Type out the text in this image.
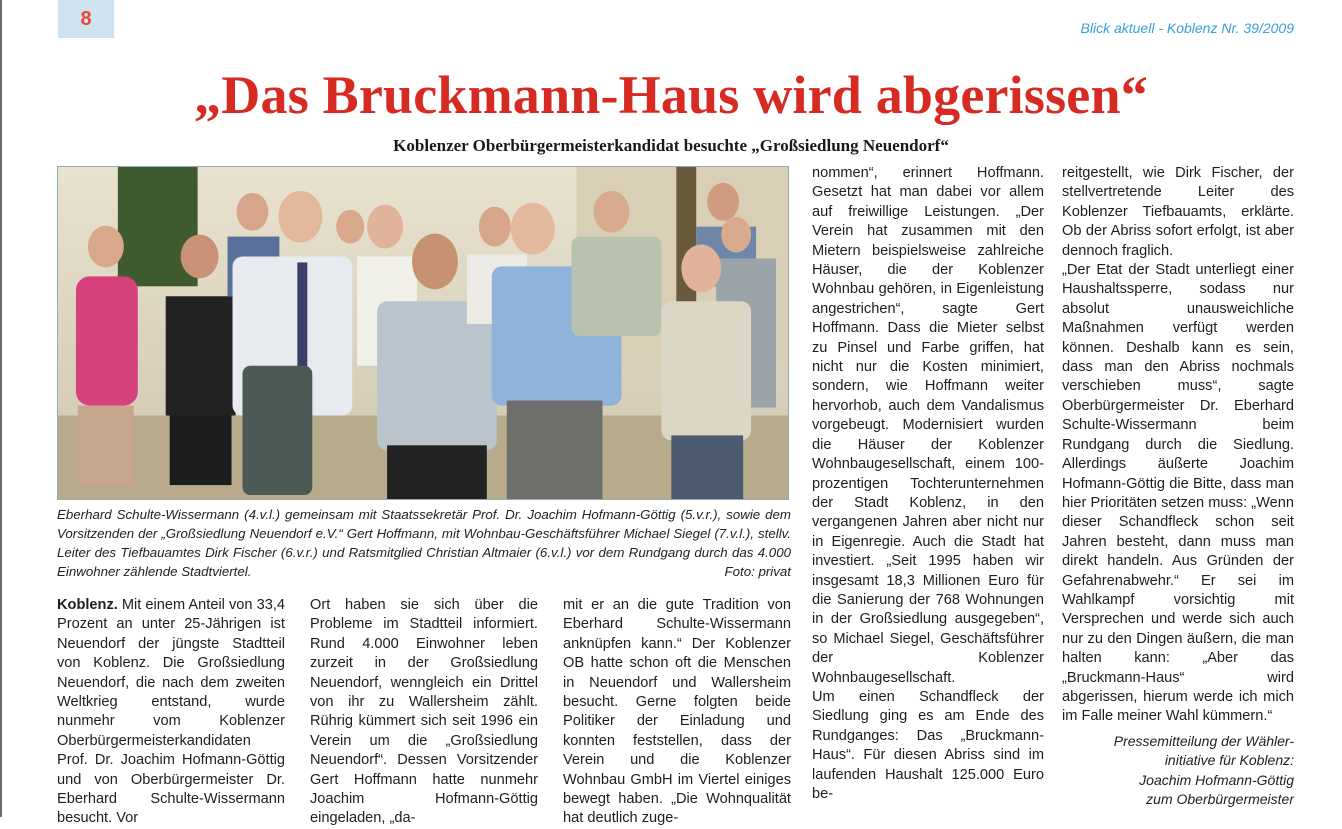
8	Blick aktuell - Koblenz Nr. 39/2009
„Das Bruckmann-Haus wird abgerissen“
Koblenzer Oberbürgermeisterkandidat besuchte „Großsiedlung Neuendorf“
Eberhard Schulte-Wissermann (4.v.l.) gemeinsam mit Staatssekretär Prof. Dr. Joachim Hofmann-Göttig (5.v.r.), sowie dem Vorsitzenden der „Großsiedlung Neuendorf e.V.“ Gert Hoffmann, mit Wohnbau-Geschäftsführer Michael Siegel (7.v.l.), stellv. Leiter des Tiefbauamtes Dirk Fischer (6.v.r.) und Ratsmitglied Christian Altmaier (6.v.l.) vor dem Rundgang durch das 4.000 Einwohner zählende Stadtviertel.	Foto: privat

Koblenz. Mit einem Anteil von 33,4 Prozent an unter 25-Jährigen ist Neuendorf der jüngste Stadtteil von Koblenz. Die Großsiedlung Neuendorf, die nach dem zweiten Weltkrieg entstand, wurde nunmehr vom Koblenzer Oberbürgermeisterkandidaten Prof. Dr. Joachim Hofmann-Göttig und von Oberbürgermeister Dr. Eberhard Schulte-Wissermann besucht. Vor

Ort haben sie sich über die Probleme im Stadtteil informiert. Rund 4.000 Einwohner leben zurzeit in der Großsiedlung Neuendorf, wenngleich ein Drittel von ihr zu Wallersheim zählt. Rührig kümmert sich seit 1996 ein Verein um die „Großsiedlung Neuendorf“. Dessen Vorsitzender Gert Hoffmann hatte nunmehr Joachim Hofmann-Göttig eingeladen, „da-

mit er an die gute Tradition von Eberhard Schulte-Wissermann anknüpfen kann.“ Der Koblenzer OB hatte schon oft die Menschen in Neuendorf und Wallersheim besucht. Gerne folgten beide Politiker der Einladung und konnten feststellen, dass der Verein und die Koblenzer Wohnbau GmbH im Viertel einiges bewegt haben. „Die Wohnqualität hat deutlich zuge-

nommen“, erinnert Hoffmann. Gesetzt hat man dabei vor allem auf freiwillige Leistungen. „Der Verein hat zusammen mit den Mietern beispielsweise zahlreiche Häuser, die der Koblenzer Wohnbau gehören, in Eigenleistung angestrichen“, sagte Gert Hoffmann. Dass die Mieter selbst zu Pinsel und Farbe griffen, hat nicht nur die Kosten minimiert, sondern, wie Hoffmann weiter hervorhob, auch dem Vandalismus vorgebeugt. Modernisiert wurden die Häuser der Koblenzer Wohnbaugesellschaft, einem 100-prozentigen Tochterunternehmen der Stadt Koblenz, in den vergangenen Jahren aber nicht nur in Eigenregie. Auch die Stadt hat investiert. „Seit 1995 haben wir insgesamt 18,3 Millionen Euro für die Sanierung der 768 Wohnungen in der Großsiedlung ausgegeben“, so Michael Siegel, Geschäftsführer der Koblenzer Wohnbaugesellschaft.

Um einen Schandfleck der Siedlung ging es am Ende des Rundganges: Das „Bruckmann-Haus“. Für diesen Abriss sind im laufenden Haushalt 125.000 Euro be-

reitgestellt, wie Dirk Fischer, der stellvertretende Leiter des Koblenzer Tiefbauamts, erklärte. Ob der Abriss sofort erfolgt, ist aber dennoch fraglich.

„Der Etat der Stadt unterliegt einer Haushaltssperre, sodass nur absolut unausweichliche Maßnahmen verfügt werden können. Deshalb kann es sein, dass man den Abriss nochmals verschieben muss“, sagte Oberbürgermeister Dr. Eberhard Schulte-Wissermann beim Rundgang durch die Siedlung. Allerdings äußerte Joachim Hofmann-Göttig die Bitte, dass man hier Prioritäten setzen muss: „Wenn dieser Schandfleck schon seit Jahren besteht, dann muss man direkt handeln. Aus Gründen der Gefahrenabwehr.“ Er sei im Wahlkampf vorsichtig mit Versprechen und werde sich auch nur zu den Dingen äußern, die man halten kann: „Aber das „Bruckmann-Haus“ wird abgerissen, hierum werde ich mich im Falle meiner Wahl kümmern.“

Pressemitteilung der Wähler-
initiative für Koblenz:
Joachim Hofmann-Göttig
zum Oberbürgermeister
